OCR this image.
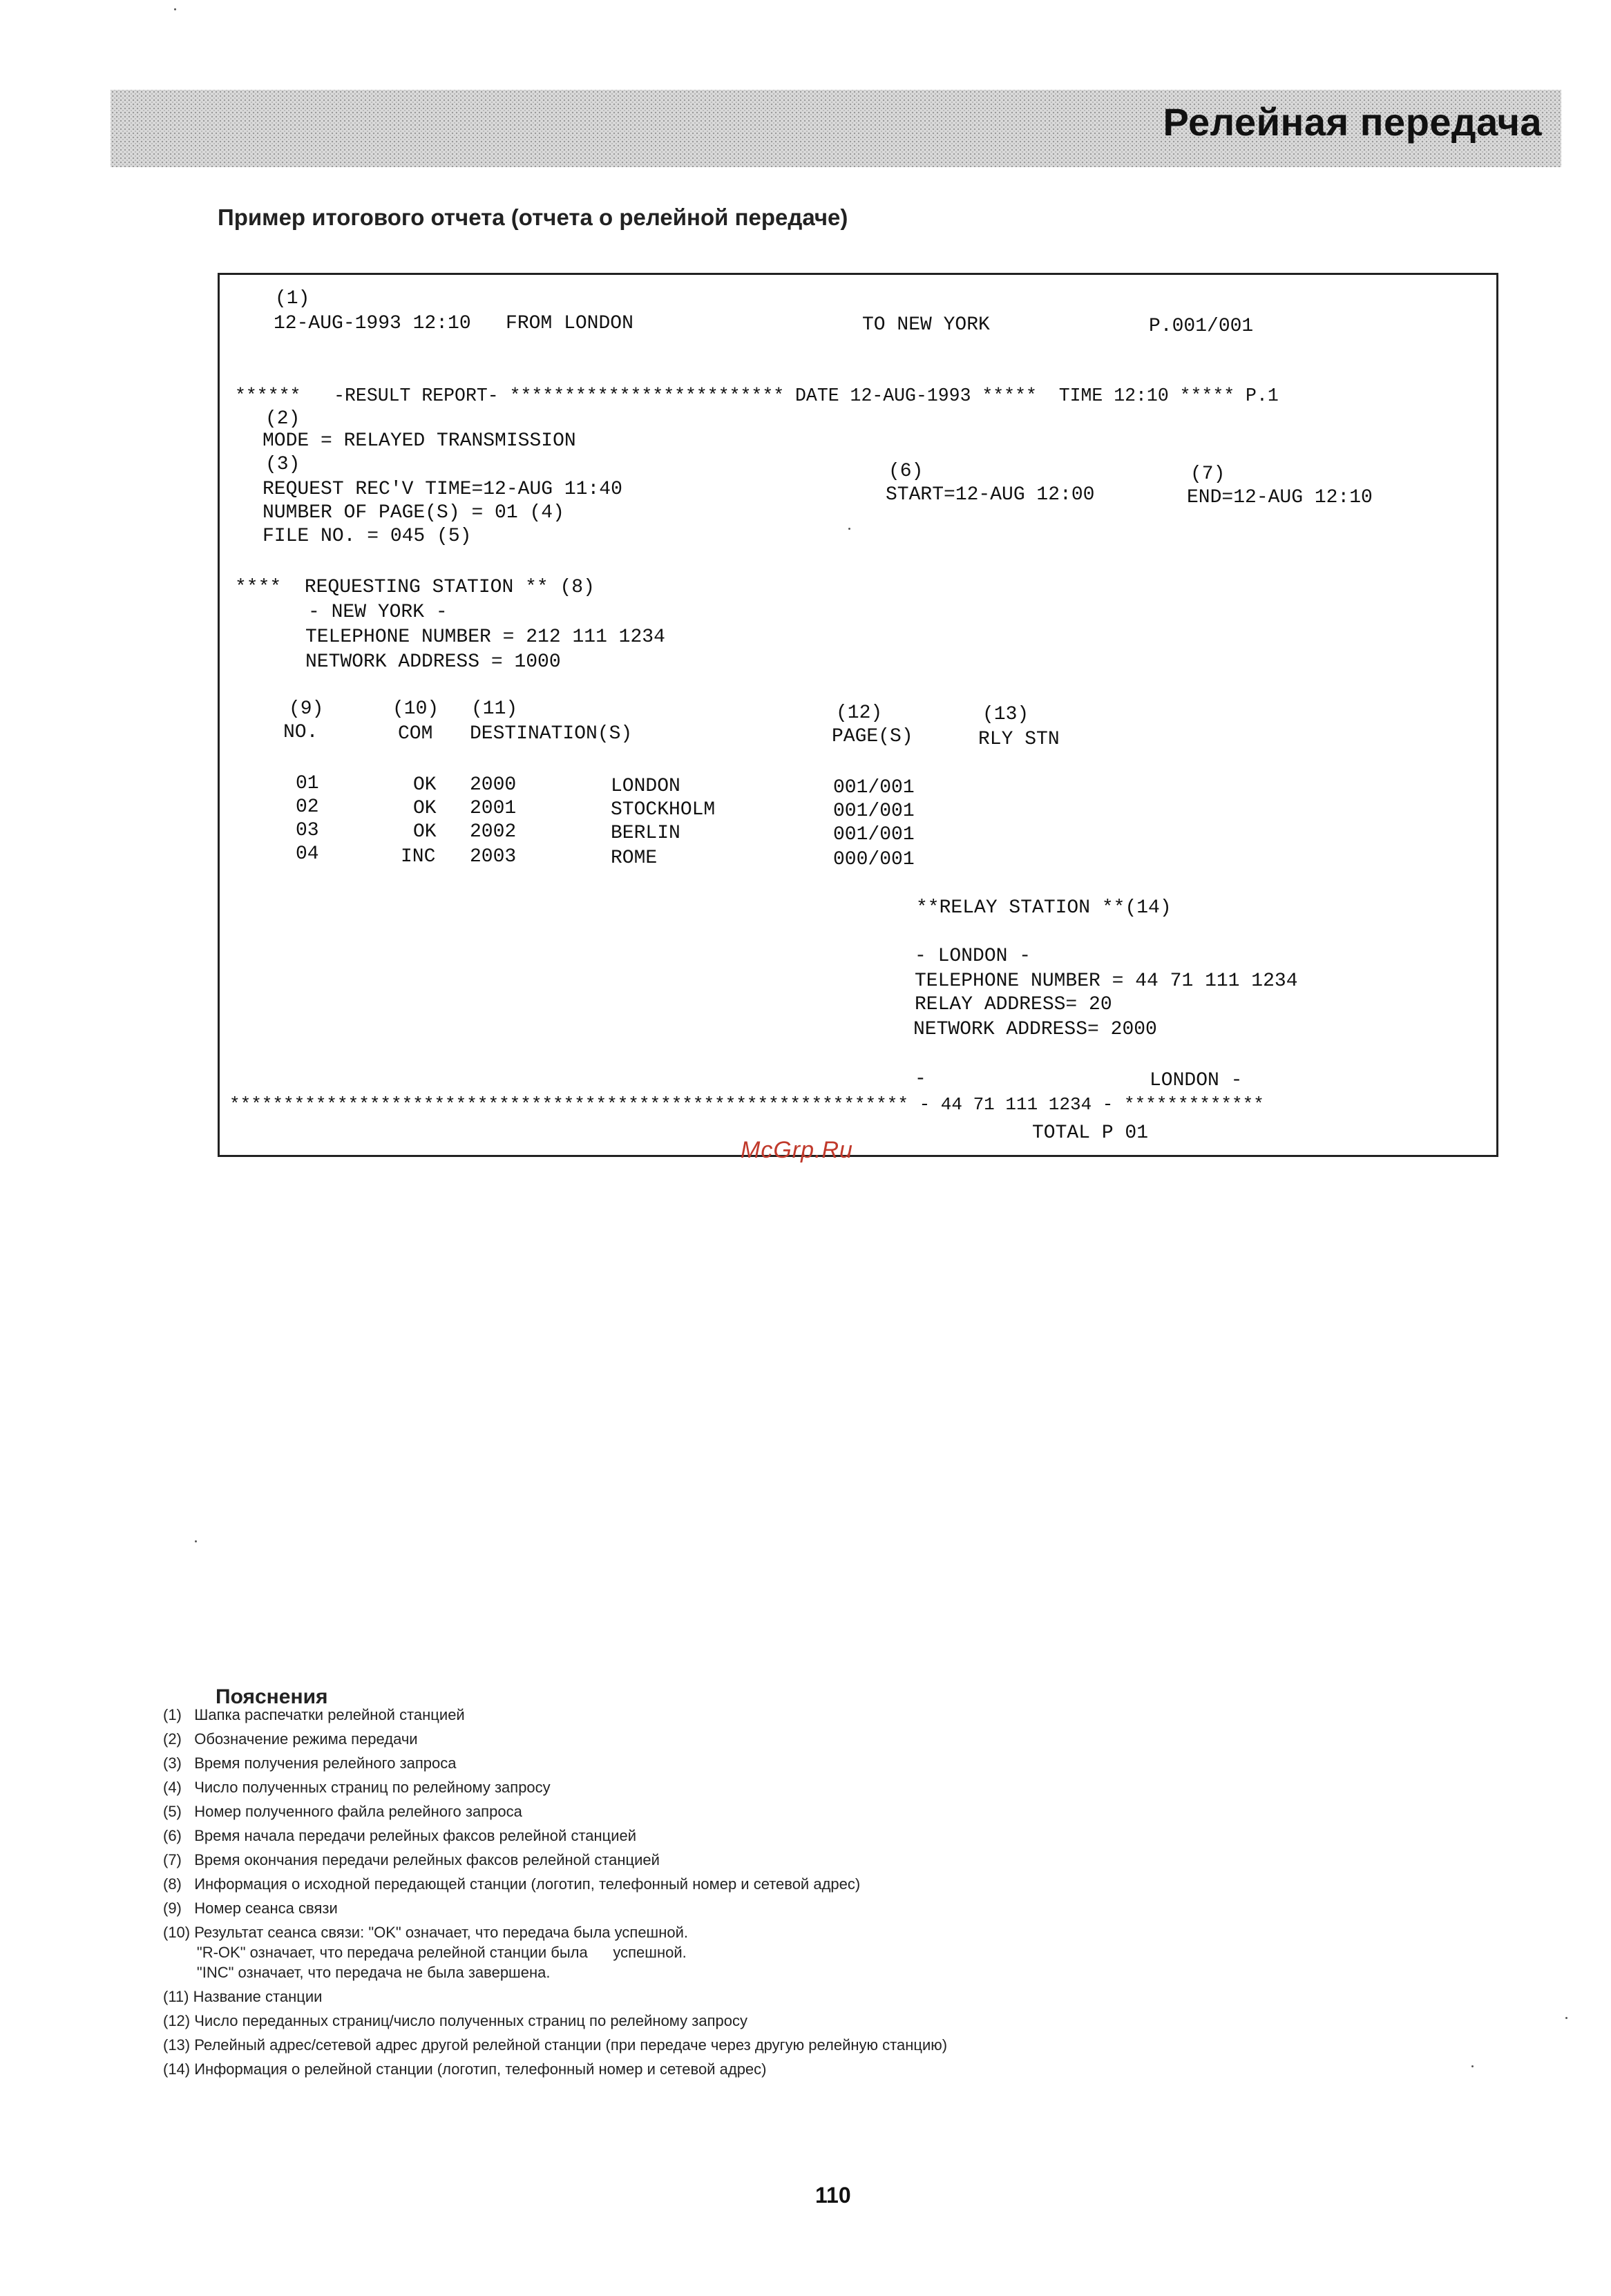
Релейная передача
Пример итогового отчета (отчета о релейной передаче)
(1)
12-AUG-1993 12:10   FROM LONDON	TO NEW YORK	P.001/001
******   -RESULT REPORT- ************************* DATE 12-AUG-1993 *****  TIME 12:10 ***** P.1
(2)
MODE = RELAYED TRANSMISSION
(3)
REQUEST REC'V TIME=12-AUG 11:40
NUMBER OF PAGE(S) = 01 (4)
FILE NO. = 045 (5)
(6)
START=12-AUG 12:00
(7)
END=12-AUG 12:10
****  REQUESTING STATION ** (8)
- NEW YORK -
TELEPHONE NUMBER = 212 111 1234
NETWORK ADDRESS = 1000
(9)	(10) (11)	(12)	(13)
NO.	COM DESTINATION(S)	PAGE(S)	RLY STN
01	OK 2000	LONDON	001/001
02	OK 2001	STOCKHOLM	001/001
03	OK 2002	BERLIN	001/001
04	INC 2003	ROME	000/001
**RELAY STATION **(14)
- LONDON -
TELEPHONE NUMBER = 44 71 111 1234
RELAY ADDRESS= 20
NETWORK ADDRESS= 2000
-	LONDON -
*************************************************************** - 44 71 111 1234 - *************
TOTAL P 01
McGrp.Ru
Пояснения
(1)   Шапка распечатки релейной станцией
(2)   Обозначение режима передачи
(3)   Время получения релейного запроса
(4)   Число полученных страниц по релейному запросу
(5)   Номер полученного файла релейного запроса
(6)   Время начала передачи релейных факсов релейной станцией
(7)   Время окончания передачи релейных факсов релейной станцией
(8)   Информация о исходной передающей станции (логотип, телефонный номер и сетевой адрес)
(9)   Номер сеанса связи
(10) Результат сеанса связи: "OK" означает, что передача была успешной.
"R-OK" означает, что передача релейной станции была      успешной.
"INC" означает, что передача не была завершена.
(11) Название станции
(12) Число переданных страниц/число полученных страниц по релейному запросу
(13) Релейный адрес/сетевой адрес другой релейной станции (при передаче через другую релейную станцию)
(14) Информация о релейной станции (логотип, телефонный номер и сетевой адрес)
110
